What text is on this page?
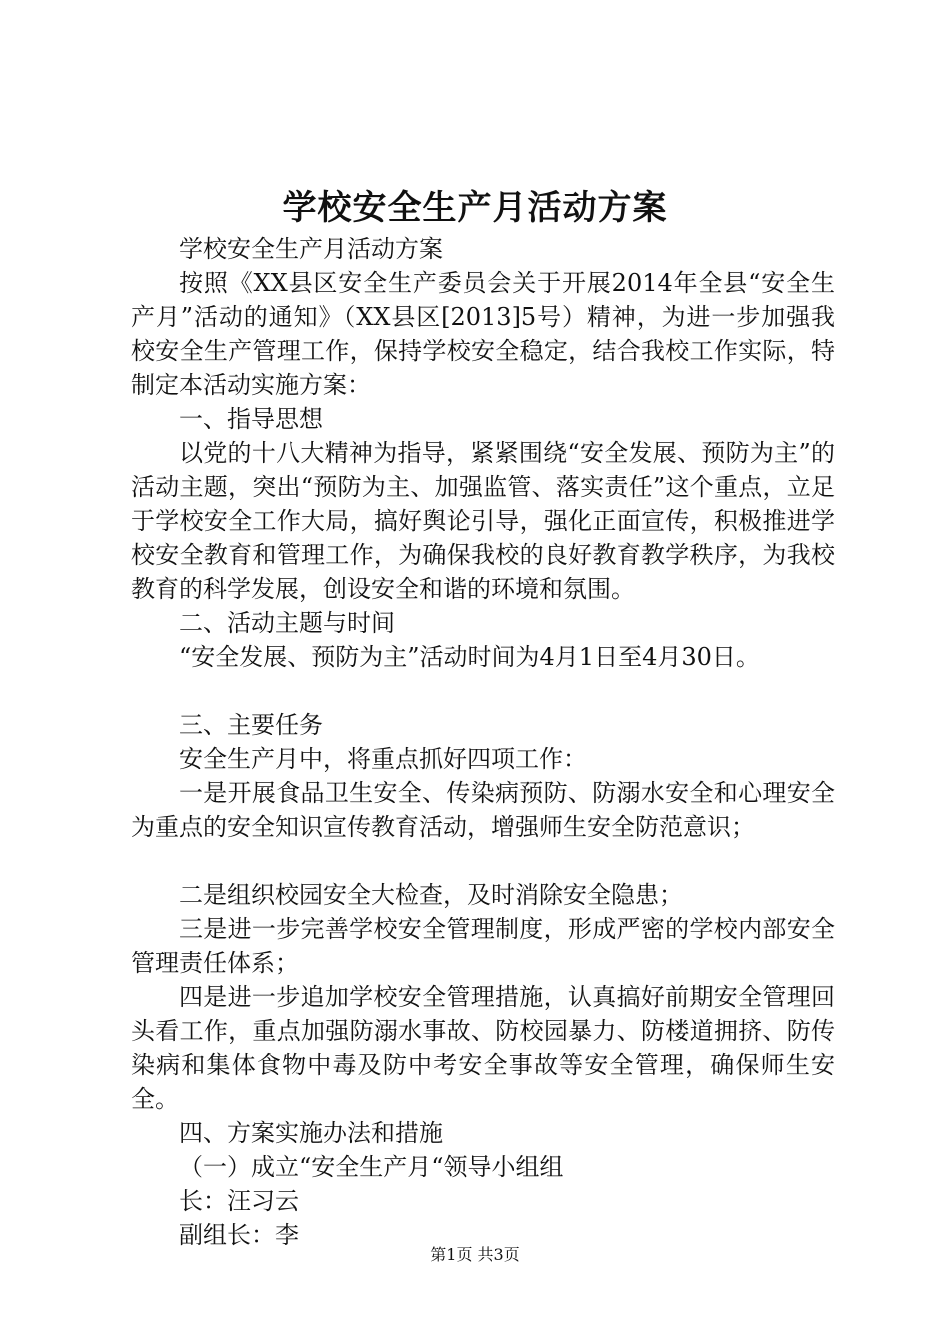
学校安全生产月活动方案

学校安全生产月活动方案

按照《XX县区安全生产委员会关于开展2014年全县“安全生产月”活动的通知》（XX县区[2013]5号）精神，为进一步加强我校安全生产管理工作，保持学校安全稳定，结合我校工作实际，特制定本活动实施方案：

一、指导思想

以党的十八大精神为指导，紧紧围绕“安全发展、预防为主”的活动主题，突出“预防为主、加强监管、落实责任”这个重点，立足于学校安全工作大局，搞好舆论引导，强化正面宣传，积极推进学校安全教育和管理工作，为确保我校的良好教育教学秩序，为我校教育的科学发展，创设安全和谐的环境和氛围。

二、活动主题与时间

“安全发展、预防为主”活动时间为4月1日至4月30日。

三、主要任务

安全生产月中，将重点抓好四项工作：

一是开展食品卫生安全、传染病预防、防溺水安全和心理安全为重点的安全知识宣传教育活动，增强师生安全防范意识；

二是组织校园安全大检查，及时消除安全隐患；

三是进一步完善学校安全管理制度，形成严密的学校内部安全管理责任体系；

四是进一步追加学校安全管理措施，认真搞好前期安全管理回头看工作，重点加强防溺水事故、防校园暴力、防楼道拥挤、防传染病和集体食物中毒及防中考安全事故等安全管理，确保师生安全。

四、方案实施办法和措施

（一）成立“安全生产月“领导小组组

长：汪习云

副组长：李

第1页 共3页
